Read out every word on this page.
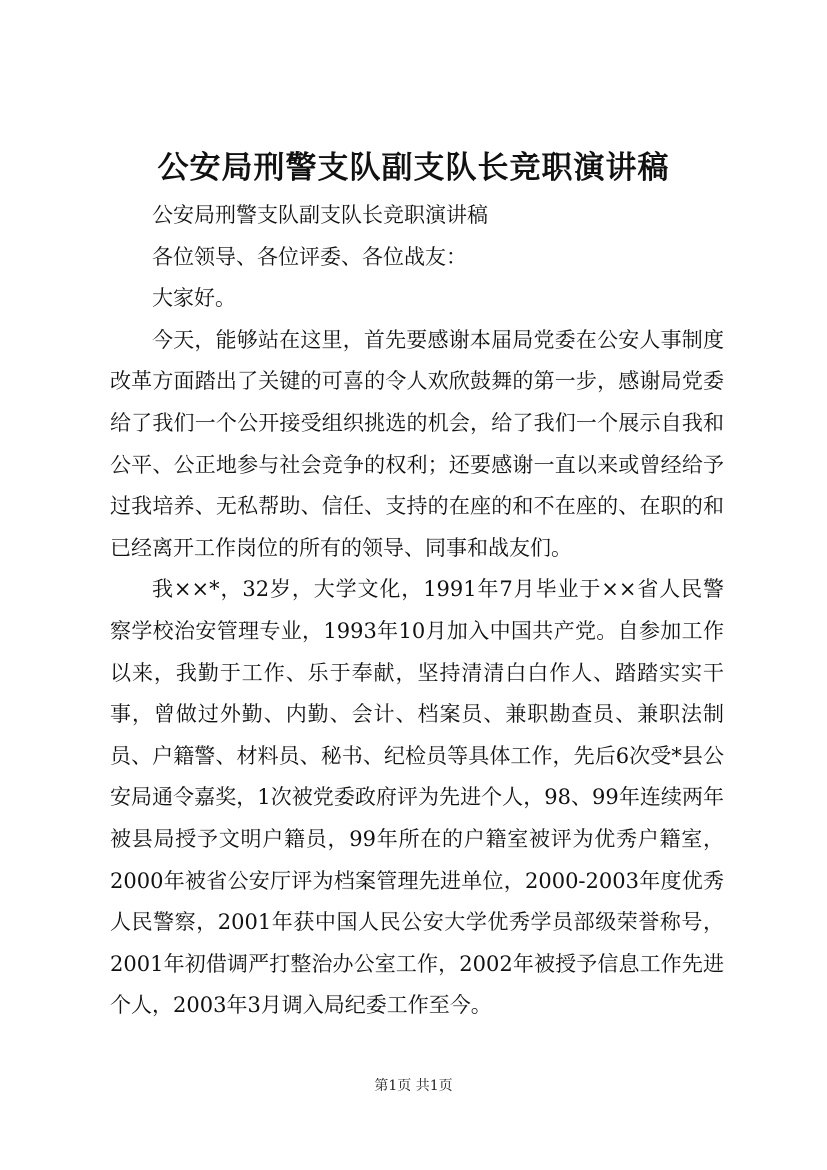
公安局刑警支队副支队长竞职演讲稿

公安局刑警支队副支队长竞职演讲稿

各位领导、各位评委、各位战友：

大家好。

今天，能够站在这里，首先要感谢本届局党委在公安人事制度改革方面踏出了关键的可喜的令人欢欣鼓舞的第一步，感谢局党委给了我们一个公开接受组织挑选的机会，给了我们一个展示自我和公平、公正地参与社会竞争的权利；还要感谢一直以来或曾经给予过我培养、无私帮助、信任、支持的在座的和不在座的、在职的和已经离开工作岗位的所有的领导、同事和战友们。

我××*，32岁，大学文化，1991年7月毕业于××省人民警察学校治安管理专业，1993年10月加入中国共产党。自参加工作以来，我勤于工作、乐于奉献，坚持清清白白作人、踏踏实实干事，曾做过外勤、内勤、会计、档案员、兼职勘查员、兼职法制员、户籍警、材料员、秘书、纪检员等具体工作，先后6次受*县公安局通令嘉奖，1次被党委政府评为先进个人，98、99年连续两年被县局授予文明户籍员，99年所在的户籍室被评为优秀户籍室，2000年被省公安厅评为档案管理先进单位，2000-2003年度优秀人民警察，2001年获中国人民公安大学优秀学员部级荣誉称号，2001年初借调严打整治办公室工作，2002年被授予信息工作先进个人，2003年3月调入局纪委工作至今。

第1页 共1页
